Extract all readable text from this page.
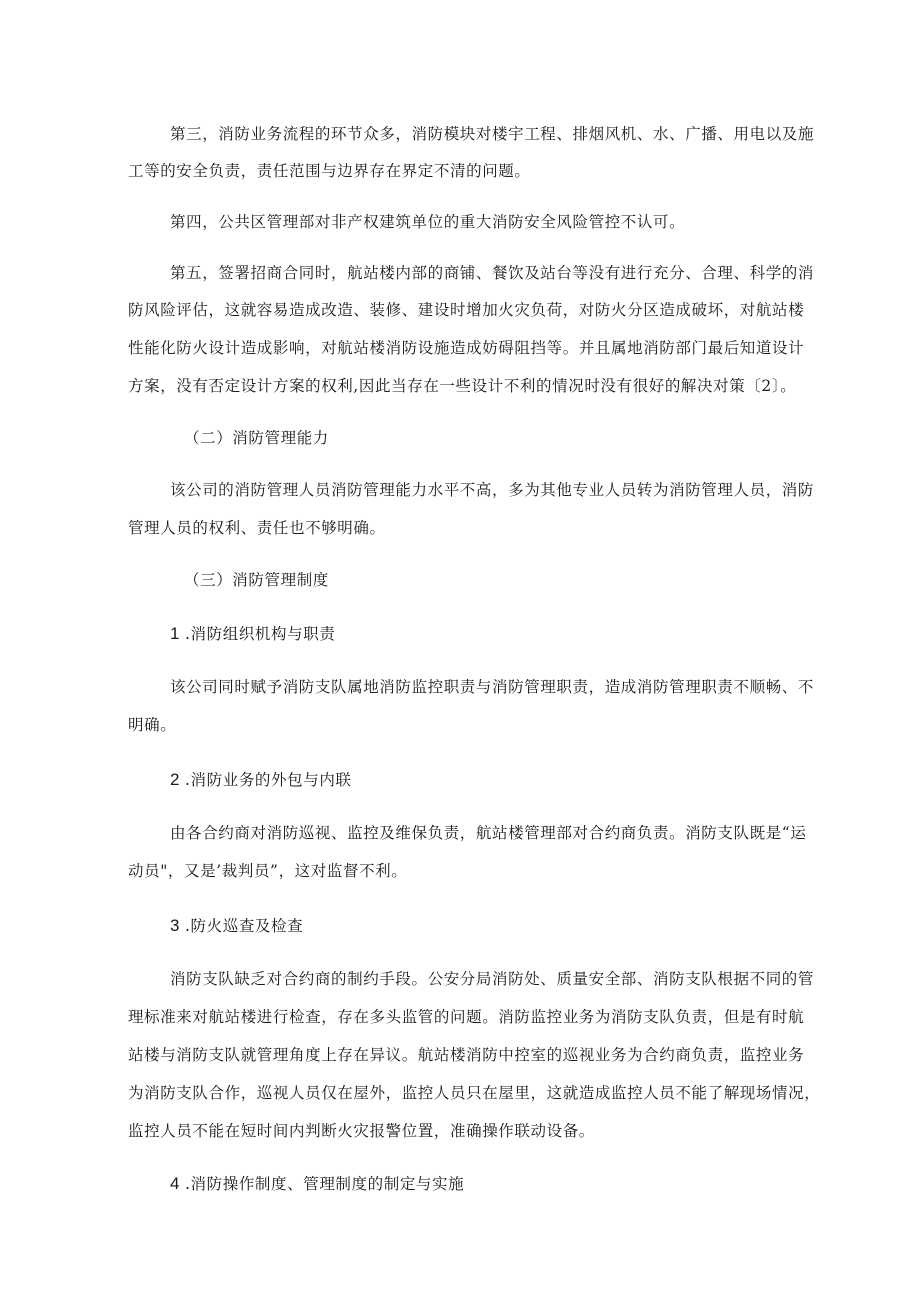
第三，消防业务流程的环节众多，消防模块对楼宇工程、排烟风机、水、广播、用电以及施
工等的安全负责，责任范围与边界存在界定不清的问题。
第四，公共区管理部对非产权建筑单位的重大消防安全风险管控不认可。
第五，签署招商合同时，航站楼内部的商铺、餐饮及站台等没有进行充分、合理、科学的消
防风险评估，这就容易造成改造、装修、建设时增加火灾负荷，对防火分区造成破坏，对航站楼
性能化防火设计造成影响，对航站楼消防设施造成妨碍阻挡等。并且属地消防部门最后知道设计
方案，没有否定设计方案的权利,因此当存在一些设计不利的情况时没有很好的解决对策〔2〕。
（二）消防管理能力
该公司的消防管理人员消防管理能力水平不高，多为其他专业人员转为消防管理人员，消防
管理人员的权利、责任也不够明确。
（三）消防管理制度
1 .消防组织机构与职责
该公司同时赋予消防支队属地消防监控职责与消防管理职责，造成消防管理职责不顺畅、不
明确。
2 .消防业务的外包与内联
由各合约商对消防巡视、监控及维保负责，航站楼管理部对合约商负责。消防支队既是“运
动员"，又是’裁判员”，这对监督不利。
3 .防火巡查及检查
消防支队缺乏对合约商的制约手段。公安分局消防处、质量安全部、消防支队根据不同的管
理标准来对航站楼进行检查，存在多头监管的问题。消防监控业务为消防支队负责，但是有时航
站楼与消防支队就管理角度上存在异议。航站楼消防中控室的巡视业务为合约商负责，监控业务
为消防支队合作，巡视人员仅在屋外，监控人员只在屋里，这就造成监控人员不能了解现场情况，
监控人员不能在短时间内判断火灾报警位置，准确操作联动设备。
4 .消防操作制度、管理制度的制定与实施
